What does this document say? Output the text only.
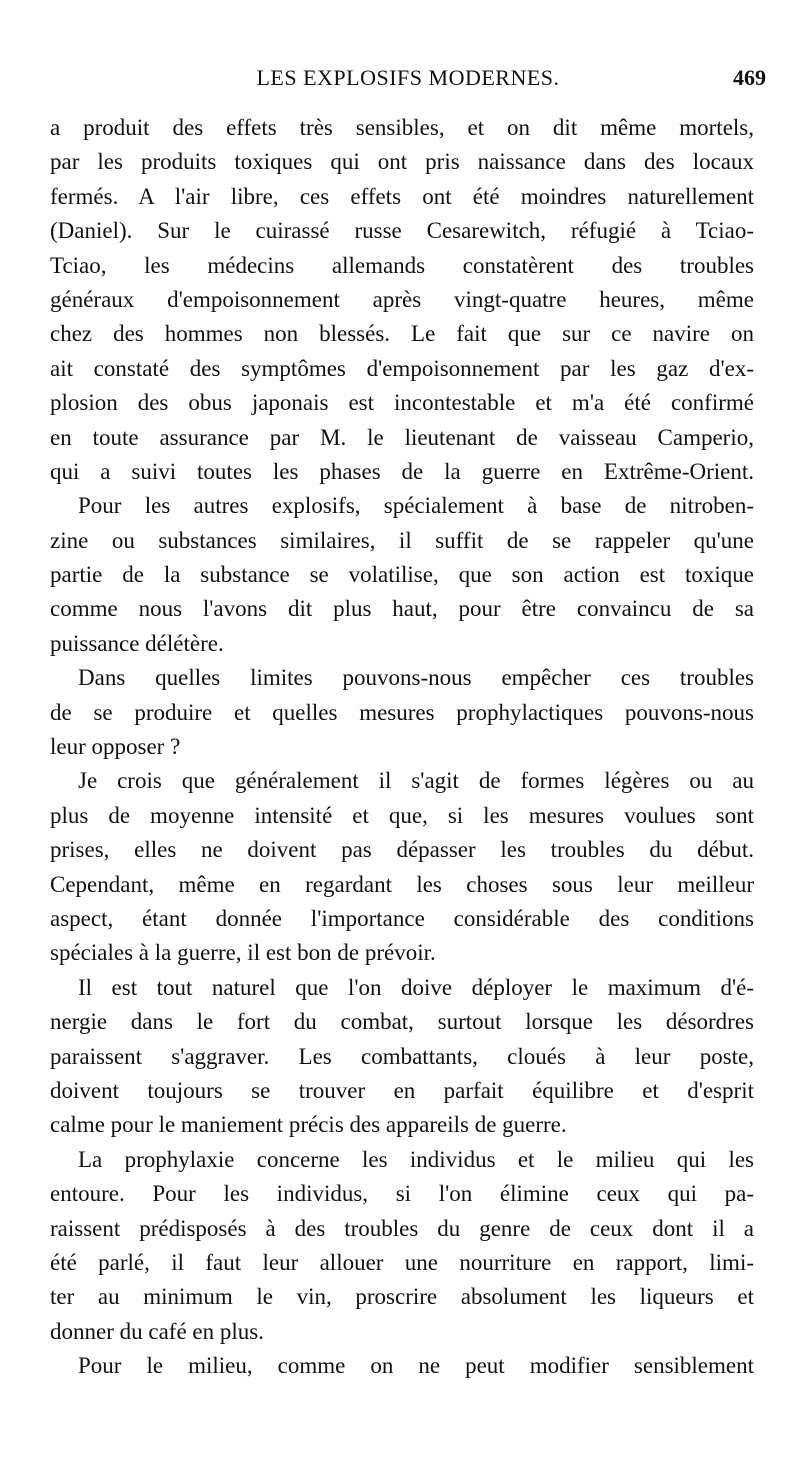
LES EXPLOSIFS MODERNES.	469
a produit des effets très sensibles, et on dit même mortels,
par les produits toxiques qui ont pris naissance dans des locaux
fermés. A l'air libre, ces effets ont été moindres naturellement
(Daniel). Sur le cuirassé russe Cesarewitch, réfugié à Tciao-
Tciao, les médecins allemands constatèrent des troubles
généraux d'empoisonnement après vingt-quatre heures, même
chez des hommes non blessés. Le fait que sur ce navire on
ait constaté des symptômes d'empoisonnement par les gaz d'ex-
plosion des obus japonais est incontestable et m'a été confirmé
en toute assurance par M. le lieutenant de vaisseau Camperio,
qui a suivi toutes les phases de la guerre en Extrême-Orient.
Pour les autres explosifs, spécialement à base de nitroben-
zine ou substances similaires, il suffit de se rappeler qu'une
partie de la substance se volatilise, que son action est toxique
comme nous l'avons dit plus haut, pour être convaincu de sa
puissance délétère.
Dans quelles limites pouvons-nous empêcher ces troubles
de se produire et quelles mesures prophylactiques pouvons-nous
leur opposer ?
Je crois que généralement il s'agit de formes légères ou au
plus de moyenne intensité et que, si les mesures voulues sont
prises, elles ne doivent pas dépasser les troubles du début.
Cependant, même en regardant les choses sous leur meilleur
aspect, étant donnée l'importance considérable des conditions
spéciales à la guerre, il est bon de prévoir.
Il est tout naturel que l'on doive déployer le maximum d'é-
nergie dans le fort du combat, surtout lorsque les désordres
paraissent s'aggraver. Les combattants, cloués à leur poste,
doivent toujours se trouver en parfait équilibre et d'esprit
calme pour le maniement précis des appareils de guerre.
La prophylaxie concerne les individus et le milieu qui les
entoure. Pour les individus, si l'on élimine ceux qui pa-
raissent prédisposés à des troubles du genre de ceux dont il a
été parlé, il faut leur allouer une nourriture en rapport, limi-
ter au minimum le vin, proscrire absolument les liqueurs et
donner du café en plus.
Pour le milieu, comme on ne peut modifier sensiblement
